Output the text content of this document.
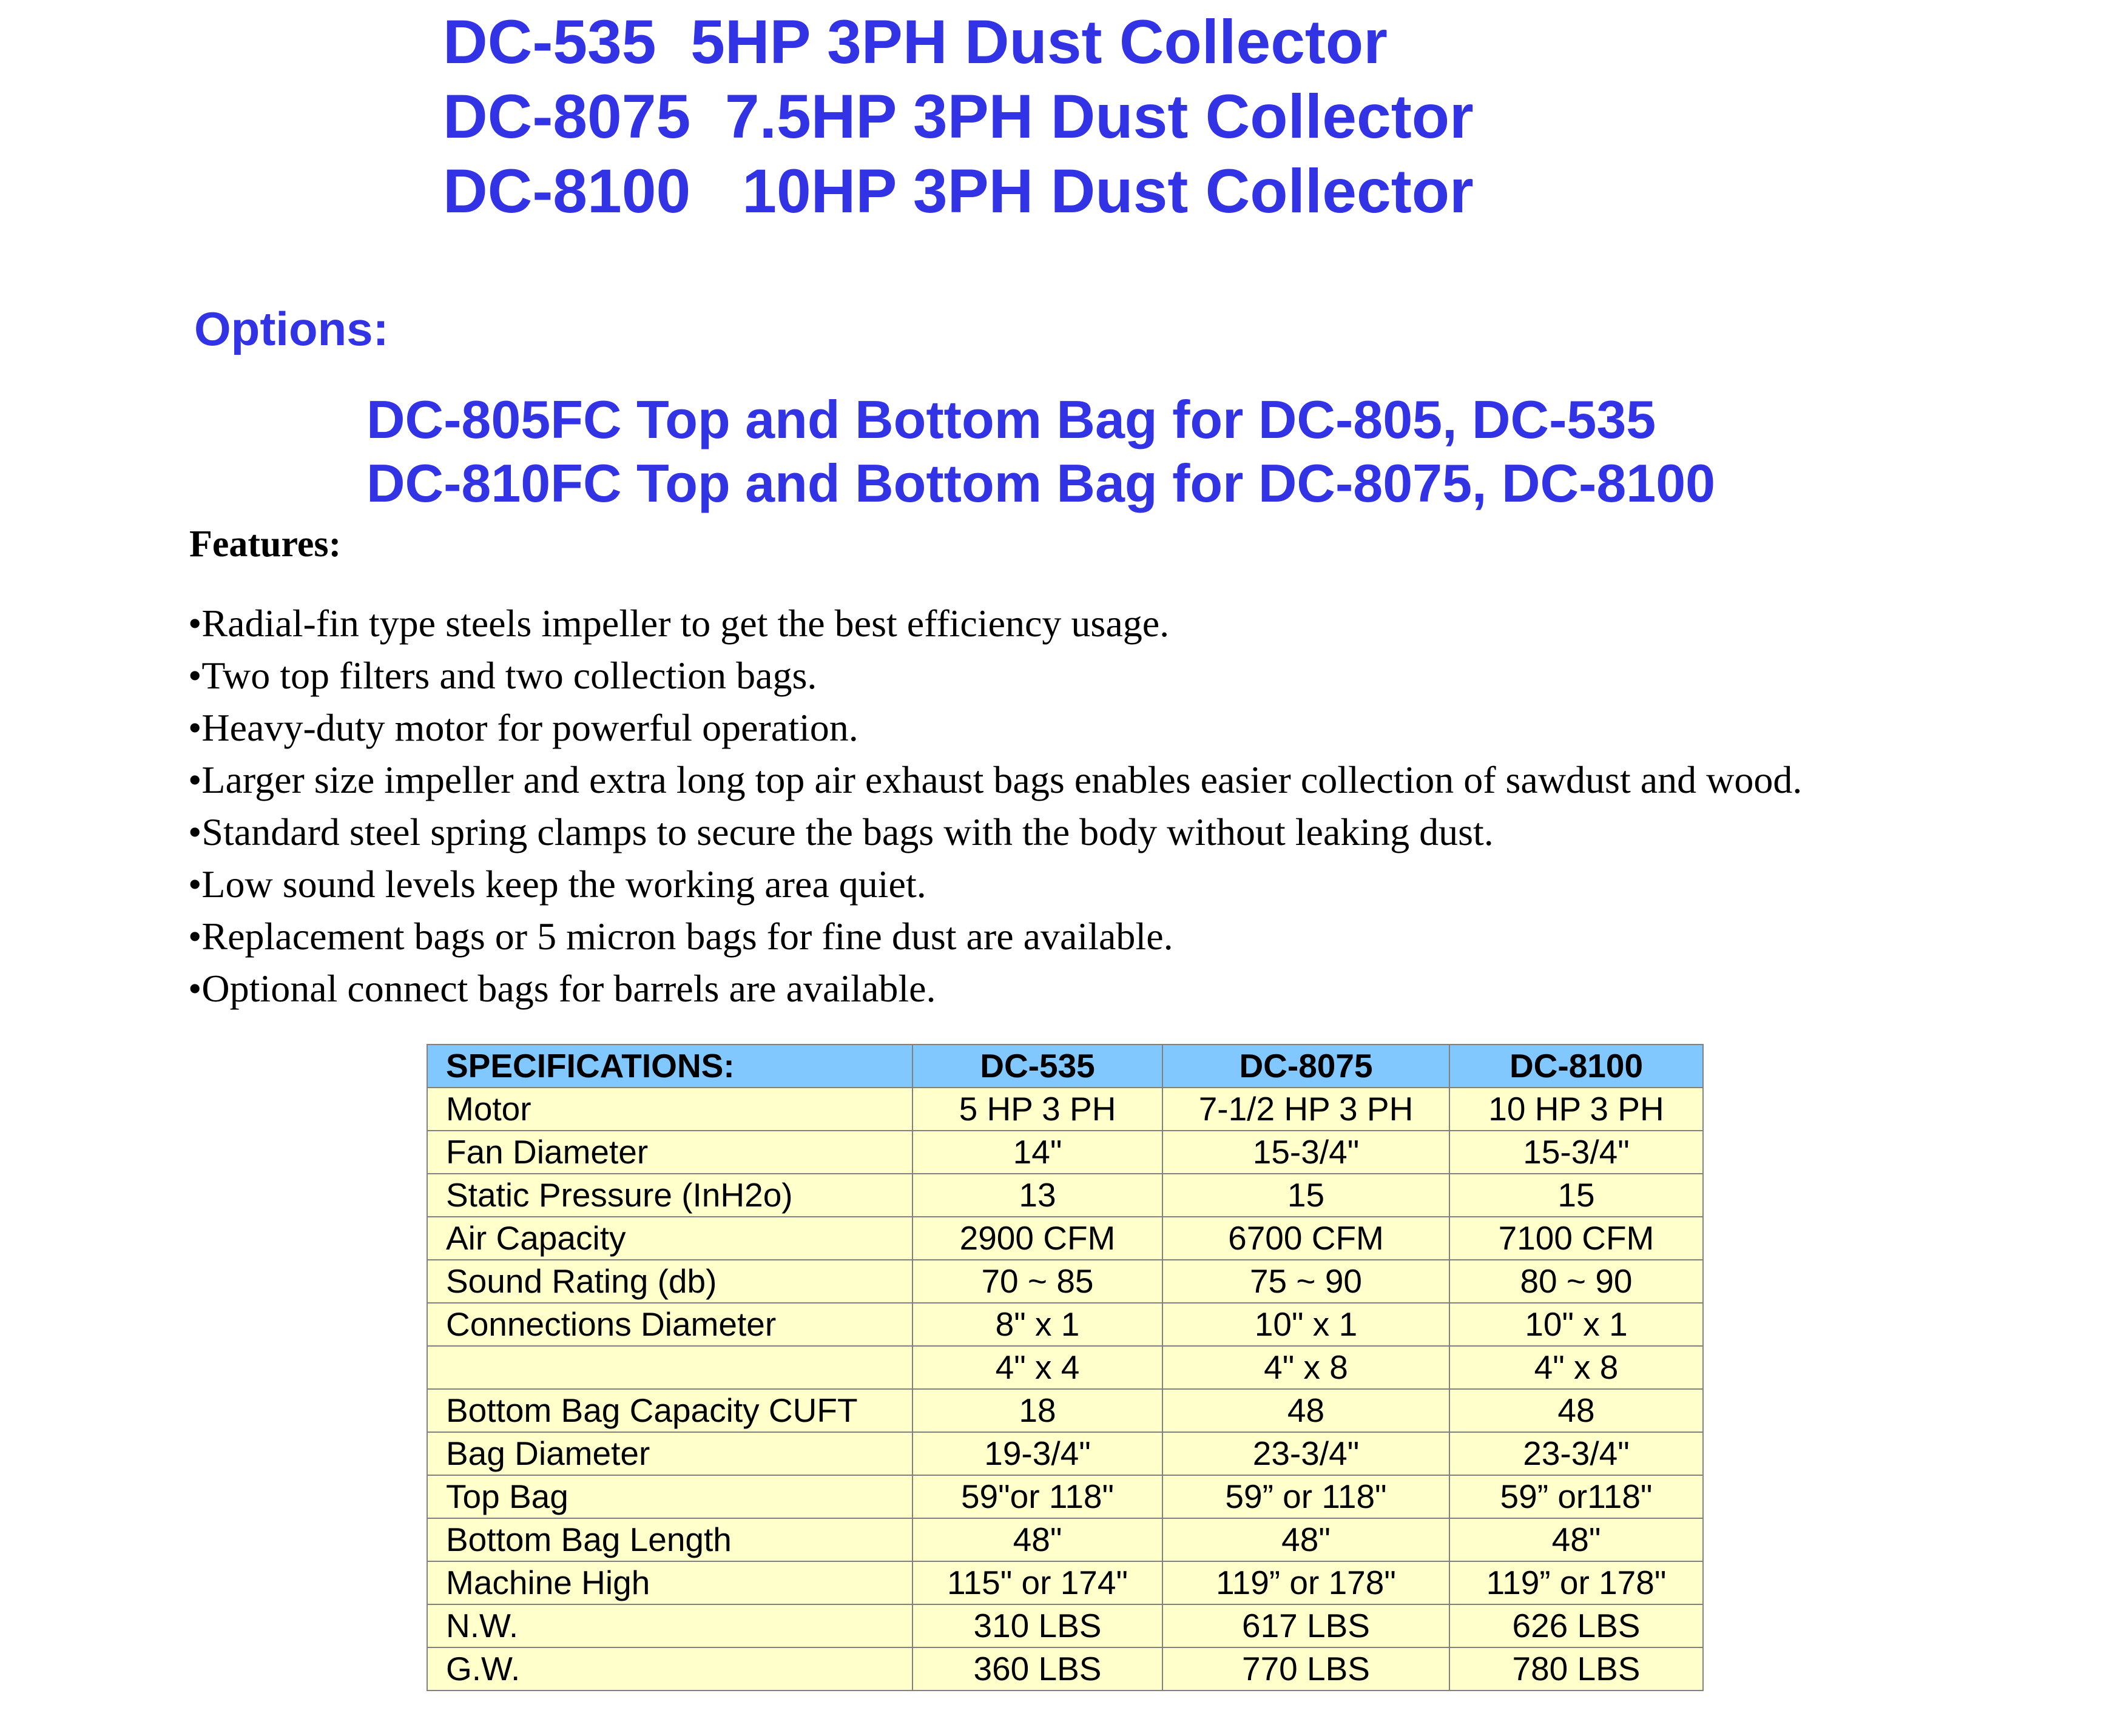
DC-535  5HP 3PH Dust Collector
DC-8075  7.5HP 3PH Dust Collector
DC-8100   10HP 3PH Dust Collector
Options:

DC-805FC Top and Bottom Bag for DC-805, DC-535

DC-810FC Top and Bottom Bag for DC-8075, DC-8100

Features:
•Radial-fin type steels impeller to get the best efficiency usage.
•Two top filters and two collection bags.
•Heavy-duty motor for powerful operation.
•Larger size impeller and extra long top air exhaust bags enables easier collection of sawdust and wood.
•Standard steel spring clamps to secure the bags with the body without leaking dust.
•Low sound levels keep the working area quiet.
•Replacement bags or 5 micron bags for fine dust are available.
•Optional connect bags for barrels are available.
SPECIFICATIONS:	DC-535	DC-8075	DC-8100
Motor	5 HP 3 PH	7-1/2 HP 3 PH	10 HP 3 PH
Fan Diameter	14"	15-3/4"	15-3/4"
Static Pressure (InH2o)	13	15	15
Air Capacity	2900 CFM	6700 CFM	7100 CFM
Sound Rating (db)	70 ~ 85	75 ~ 90	80 ~ 90
Connections Diameter	8" x 1	10" x 1	10" x 1
	4" x 4	4" x 8	4" x 8
Bottom Bag Capacity CUFT	18	48	48
Bag Diameter	19-3/4"	23-3/4"	23-3/4"
Top Bag	59"or 118"	59” or 118"	59” or118"
Bottom Bag Length	48"	48"	48"
Machine High	115" or 174"	119” or 178"	119” or 178"
N.W.	310 LBS	617 LBS	626 LBS
G.W.	360 LBS	770 LBS	780 LBS
